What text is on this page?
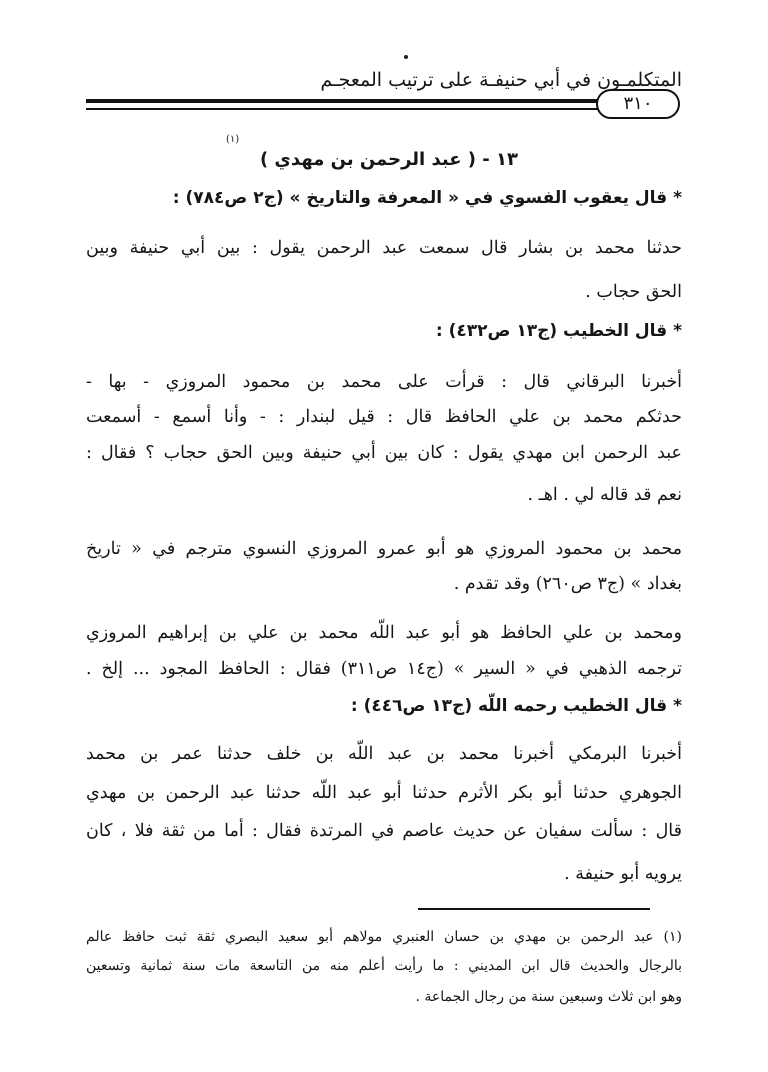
المتكلمـون في أبي حنيفـة على ترتيب المعجـم
٣١٠
١٣ - ( عبد الرحمن بن مهدي )
(١)
* قال يعقوب الفسوي في « المعرفة والتاريخ » (ج٢ ص٧٨٤) :
حدثنا محمد بن بشار قال سمعت عبد الرحمن يقول : بين أبي حنيفة وبين
الحق حجاب .
* قال الخطيب (ج١٣ ص٤٣٢) :
أخبرنا البرقاني قال : قرأت على محمد بن محمود المروزي - بها -
حدثكم محمد بن علي الحافظ قال : قيل لبندار : - وأنا أسمع - أسمعت
عبد الرحمن ابن مهدي يقول : كان بين أبي حنيفة وبين الحق حجاب ؟ فقال :
نعم قد قاله لي . اهـ .
محمد بن محمود المروزي هو أبو عمرو المروزي النسوي مترجم في « تاريخ
بغداد » (ج٣ ص٢٦٠) وقد تقدم .
ومحمد بن علي الحافظ هو أبو عبد اللّه محمد بن علي بن إبراهيم المروزي
ترجمه الذهبي في « السير » (ج١٤ ص٣١١) فقال : الحافظ المجود ... إلخ .
* قال الخطيب رحمه اللّه (ج١٣ ص٤٤٦) :
أخبرنا البرمكي أخبرنا محمد بن عبد اللّه بن خلف حدثنا عمر بن محمد
الجوهري حدثنا أبو بكر الأثرم حدثنا أبو عبد اللّه حدثنا عبد الرحمن بن مهدي
قال : سألت سفيان عن حديث عاصم في المرتدة فقال : أما من ثقة فلا ، كان
يرويه أبو حنيفة .
(١) عبد الرحمن بن مهدي بن حسان العنبري مولاهم أبو سعيد البصري ثقة ثبت حافظ عالم
بالرجال والحديث قال ابن المديني : ما رأيت أعلم منه من التاسعة مات سنة ثمانية وتسعين
وهو ابن ثلاث وسبعين سنة من رجال الجماعة .
